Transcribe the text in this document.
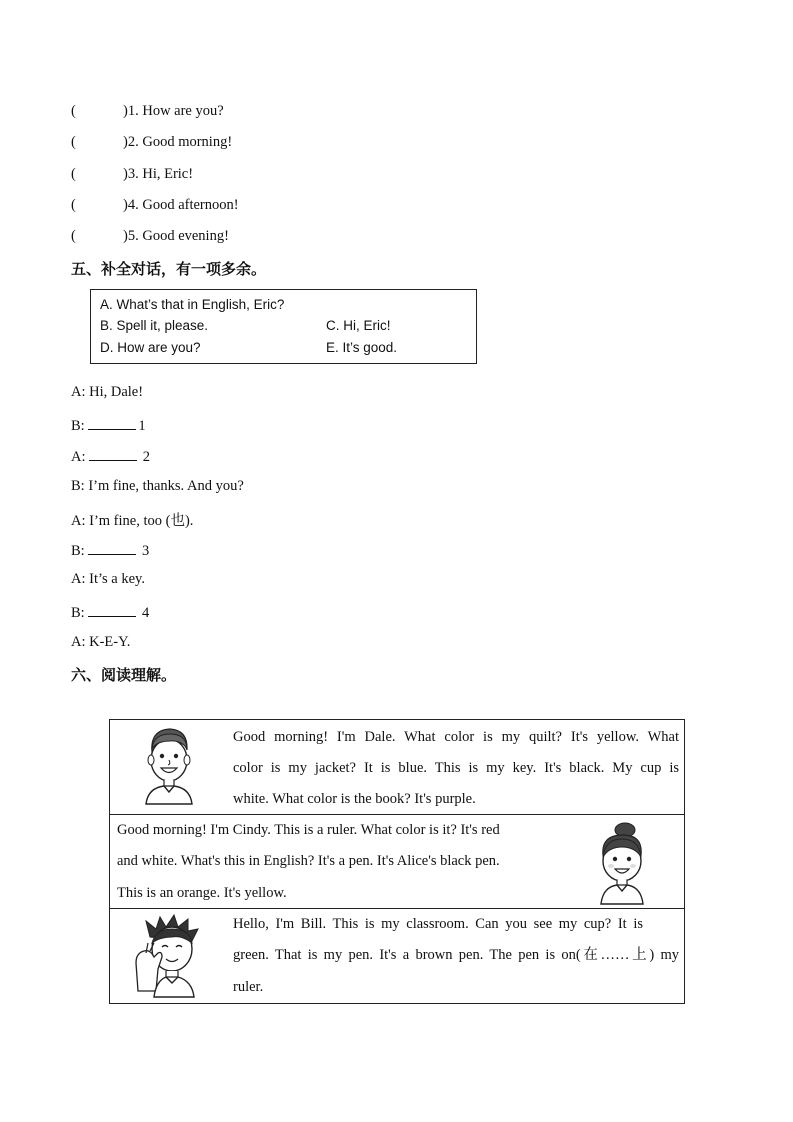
(	)1. How are you?
(	)2. Good morning!
(	)3. Hi, Eric!
(	)4. Good afternoon!
(	)5. Good evening!
五、补全对话，有一项多余。
A. What’s that in English, Eric?
B. Spell it, please.	C. Hi, Eric!
D. How are you?	E. It’s good.
A: Hi, Dale!
B:	1
A:	2
B: I’m fine, thanks. And you?
A: I’m fine, too (也).
B:	3
A: It’s a key.
B:	4
A: K-E-Y.
六、阅读理解。
Good morning! I'm Dale. What color is my quilt? It's yellow. What
color is my jacket? It is blue. This is my key. It's black. My cup is
white. What color is the book? It's purple.
Good morning! I'm Cindy. This is a ruler. What color is it? It's red
and white. What's this in English? It's a pen. It's Alice's black pen.
This is an orange. It's yellow.
Hello, I'm Bill. This is my classroom. Can you see my cup? It is
green. That is my pen. It's a brown pen. The pen is on(在……上) my
ruler.
